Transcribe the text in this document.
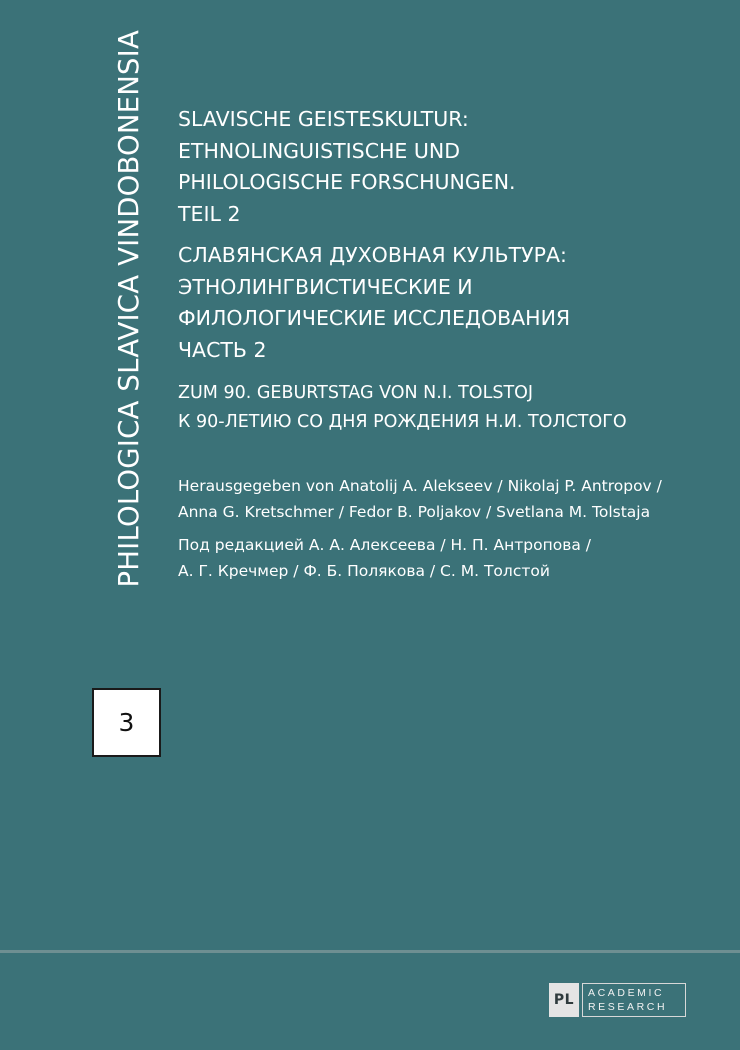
PHILOLOGICA SLAVICA VINDOBONENSIA
3
SLAVISCHE GEISTESKULTUR:
ETHNOLINGUISTISCHE UND
PHILOLOGISCHE FORSCHUNGEN.
TEIL 2
СЛАВЯНСКАЯ ДУХОВНАЯ КУЛЬТУРА:
ЭТНОЛИНГВИСТИЧЕСКИЕ И
ФИЛОЛОГИЧЕСКИЕ ИССЛЕДОВАНИЯ
ЧАСТЬ 2
ZUM 90. GEBURTSTAG VON N.I. TOLSTOJ
К 90-ЛЕТИЮ СО ДНЯ РОЖДЕНИЯ Н.И. ТОЛСТОГО
Herausgegeben von Anatolij A. Alekseev / Nikolaj P. Antropov /
Anna G. Kretschmer / Fedor B. Poljakov / Svetlana M. Tolstaja
Под редакцией А. А. Алексеева / Н. П. Антропова /
А. Г. Кречмер / Ф. Б. Полякова / С. М. Толстой
PL	ACADEMIC
RESEARCH
